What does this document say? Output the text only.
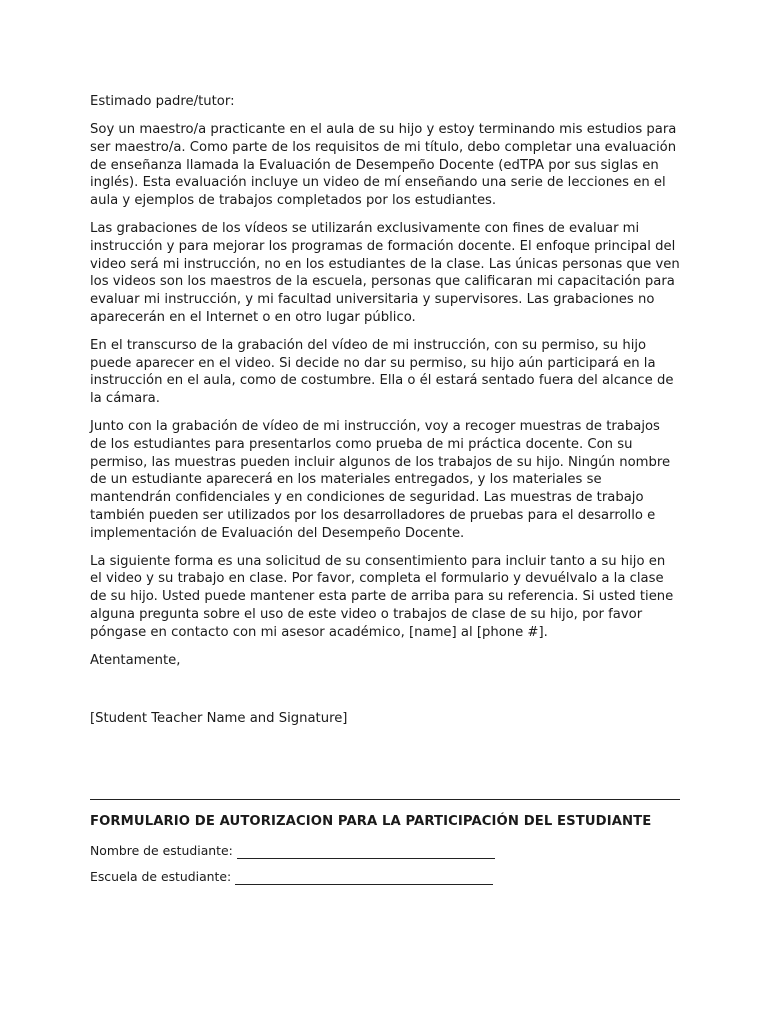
Estimado padre/tutor:

Soy un maestro/a practicante en el aula de su hijo y estoy terminando mis estudios para ser maestro/a. Como parte de los requisitos de mi título, debo completar una evaluación de enseñanza llamada la Evaluación de Desempeño Docente (edTPA por sus siglas en inglés). Esta evaluación incluye un video de mí enseñando una serie de lecciones en el aula y ejemplos de trabajos completados por los estudiantes.

Las grabaciones de los vídeos se utilizarán exclusivamente con fines de evaluar mi instrucción y para mejorar los programas de formación docente. El enfoque principal del video será mi instrucción, no en los estudiantes de la clase. Las únicas personas que ven los videos son los maestros de la escuela, personas que calificaran mi capacitación para evaluar mi instrucción, y mi facultad universitaria y supervisores. Las grabaciones no aparecerán en el Internet o en otro lugar público.

En el transcurso de la grabación del vídeo de mi instrucción, con su permiso, su hijo puede aparecer en el video. Si decide no dar su permiso, su hijo aún participará en la instrucción en el aula, como de costumbre. Ella o él estará sentado fuera del alcance de la cámara.

Junto con la grabación de vídeo de mi instrucción, voy a recoger muestras de trabajos de los estudiantes para presentarlos como prueba de mi práctica docente. Con su permiso, las muestras pueden incluir algunos de los trabajos de su hijo. Ningún nombre de un estudiante aparecerá en los materiales entregados, y los materiales se mantendrán confidenciales y en condiciones de seguridad. Las muestras de trabajo también pueden ser utilizados por los desarrolladores de pruebas para el desarrollo e implementación de Evaluación del Desempeño Docente.

La siguiente forma es una solicitud de su consentimiento para incluir tanto a su hijo en el video y su trabajo en clase. Por favor, completa el formulario y devuélvalo a la clase de su hijo. Usted puede mantener esta parte de arriba para su referencia. Si usted tiene alguna pregunta sobre el uso de este video o trabajos de clase de su hijo, por favor póngase en contacto con mi asesor académico, [name] al [phone #].

Atentamente,

[Student Teacher Name and Signature]
FORMULARIO DE AUTORIZACION PARA LA PARTICIPACIÓN DEL ESTUDIANTE
Nombre de estudiante:
Escuela de estudiante:
